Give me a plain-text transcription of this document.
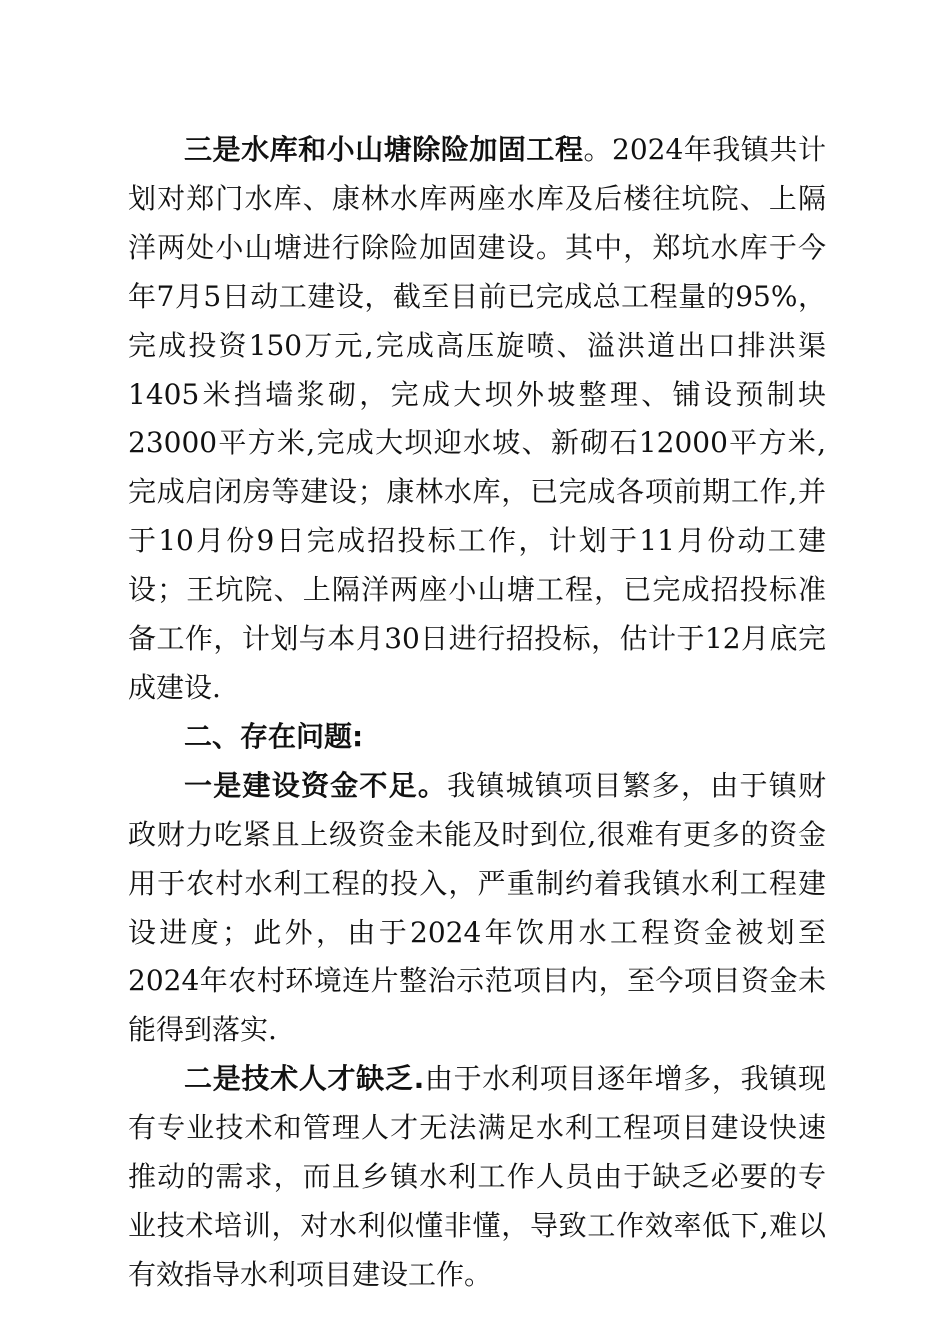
三是水库和小山塘除险加固工程。2024年我镇共计划对郑门水库、康林水库两座水库及后楼往坑院、上隔洋两处小山塘进行除险加固建设。其中，郑坑水库于今年7月5日动工建设，截至目前已完成总工程量的95%，完成投资150万元,完成高压旋喷、溢洪道出口排洪渠1405米挡墙浆砌，完成大坝外坡整理、铺设预制块23000平方米,完成大坝迎水坡、新砌石12000平方米,完成启闭房等建设；康林水库，已完成各项前期工作,并于10月份9日完成招投标工作，计划于11月份动工建设；王坑院、上隔洋两座小山塘工程，已完成招投标准备工作，计划与本月30日进行招投标，估计于12月底完成建设.

二、存在问题:

一是建设资金不足。我镇城镇项目繁多，由于镇财政财力吃紧且上级资金未能及时到位,很难有更多的资金用于农村水利工程的投入，严重制约着我镇水利工程建设进度；此外，由于2024年饮用水工程资金被划至2024年农村环境连片整治示范项目内，至今项目资金未能得到落实.

二是技术人才缺乏.由于水利项目逐年增多，我镇现有专业技术和管理人才无法满足水利工程项目建设快速推动的需求，而且乡镇水利工作人员由于缺乏必要的专业技术培训，对水利似懂非懂，导致工作效率低下,难以有效指导水利项目建设工作。
